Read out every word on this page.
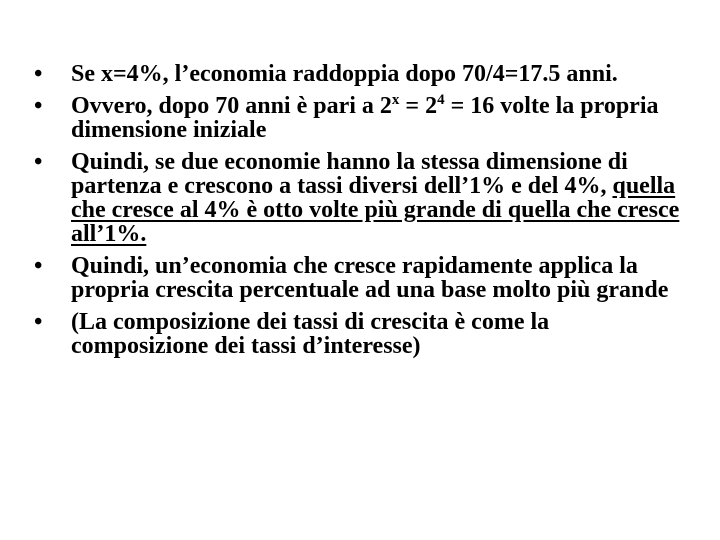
•	Se x=4%, l’economia raddoppia dopo 70/4=17.5 anni.
•	Ovvero, dopo 70 anni è pari a $2^x = 2^4 = 16$ volte la propria dimensione iniziale
•	Quindi, se due economie hanno la stessa dimensione di partenza e crescono a tassi diversi dell’1% e del 4%, quella che cresce al 4% è otto volte più grande di quella che cresce all’1%.
•	Quindi, un’economia che cresce rapidamente applica la propria crescita percentuale ad una base molto più grande
•	(La composizione dei tassi di crescita è come la composizione dei tassi d’interesse)
